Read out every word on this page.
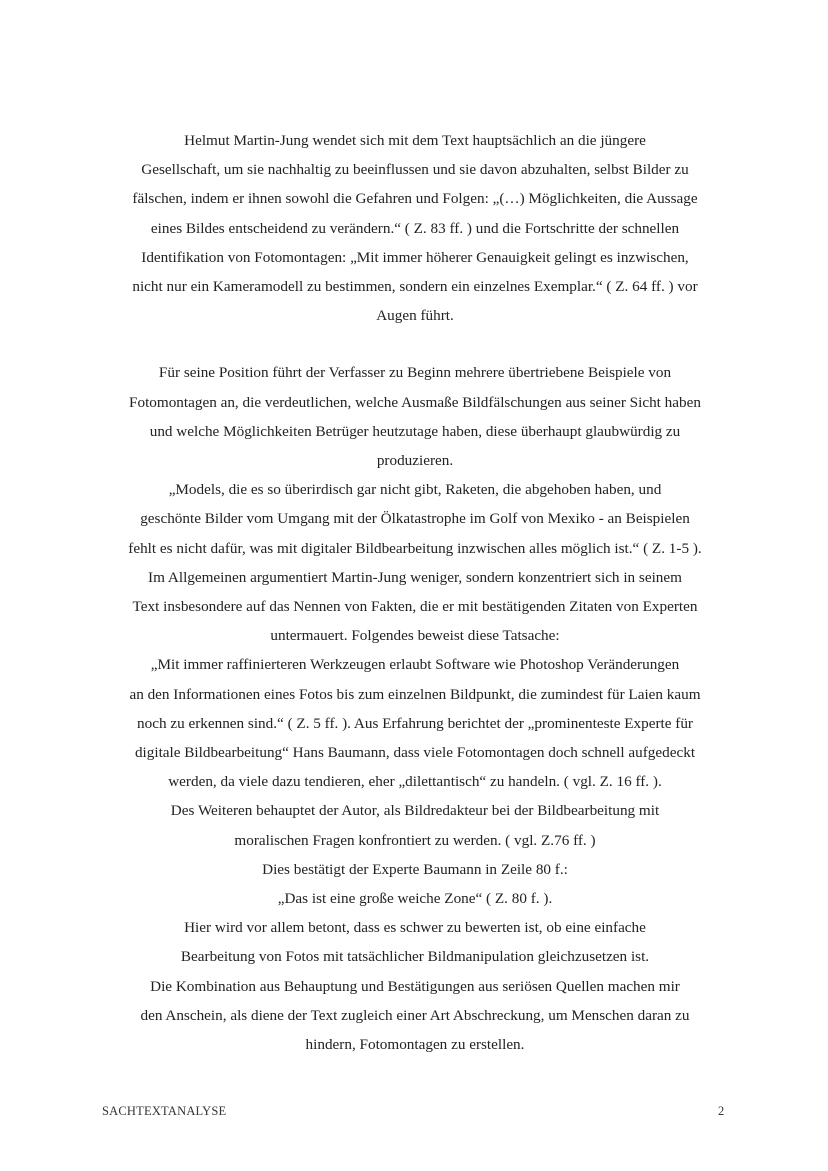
Helmut Martin-Jung wendet sich mit dem Text hauptsächlich an die jüngere
Gesellschaft, um sie nachhaltig zu beeinflussen und sie davon abzuhalten, selbst Bilder zu
fälschen, indem er ihnen sowohl die Gefahren und Folgen: „(…) Möglichkeiten, die Aussage
eines Bildes entscheidend zu verändern.“ ( Z. 83 ff. ) und die Fortschritte der schnellen
Identifikation von Fotomontagen: „Mit immer höherer Genauigkeit gelingt es inzwischen,
nicht nur ein Kameramodell zu bestimmen, sondern ein einzelnes Exemplar.“ ( Z. 64 ff. ) vor
Augen führt.
Für seine Position führt der Verfasser zu Beginn mehrere übertriebene Beispiele von
Fotomontagen an, die verdeutlichen, welche Ausmaße Bildfälschungen aus seiner Sicht haben
und welche Möglichkeiten Betrüger heutzutage haben, diese überhaupt glaubwürdig zu
produzieren.
„Models, die es so überirdisch gar nicht gibt, Raketen, die abgehoben haben, und
geschönte Bilder vom Umgang mit der Ölkatastrophe im Golf von Mexiko - an Beispielen
fehlt es nicht dafür, was mit digitaler Bildbearbeitung inzwischen alles möglich ist.“ ( Z. 1-5 ).
Im Allgemeinen argumentiert Martin-Jung weniger, sondern konzentriert sich in seinem
Text insbesondere auf das Nennen von Fakten, die er mit bestätigenden Zitaten von Experten
untermauert. Folgendes beweist diese Tatsache:
„Mit immer raffinierteren Werkzeugen erlaubt Software wie Photoshop Veränderungen
an den Informationen eines Fotos bis zum einzelnen Bildpunkt, die zumindest für Laien kaum
noch zu erkennen sind.“ ( Z. 5 ff. ). Aus Erfahrung berichtet der „prominenteste Experte für
digitale Bildbearbeitung“ Hans Baumann, dass viele Fotomontagen doch schnell aufgedeckt
werden, da viele dazu tendieren, eher „dilettantisch“ zu handeln. ( vgl. Z. 16 ff. ).
Des Weiteren behauptet der Autor, als Bildredakteur bei der Bildbearbeitung mit
moralischen Fragen konfrontiert zu werden. ( vgl. Z.76 ff. )
Dies bestätigt der Experte Baumann in Zeile 80 f.:
„Das ist eine große weiche Zone“ ( Z. 80 f. ).
Hier wird vor allem betont, dass es schwer zu bewerten ist, ob eine einfache
Bearbeitung von Fotos mit tatsächlicher Bildmanipulation gleichzusetzen ist.
Die Kombination aus Behauptung und Bestätigungen aus seriösen Quellen machen mir
den Anschein, als diene der Text zugleich einer Art Abschreckung, um Menschen daran zu
hindern, Fotomontagen zu erstellen.
SACHTEXTANALYSE	2
